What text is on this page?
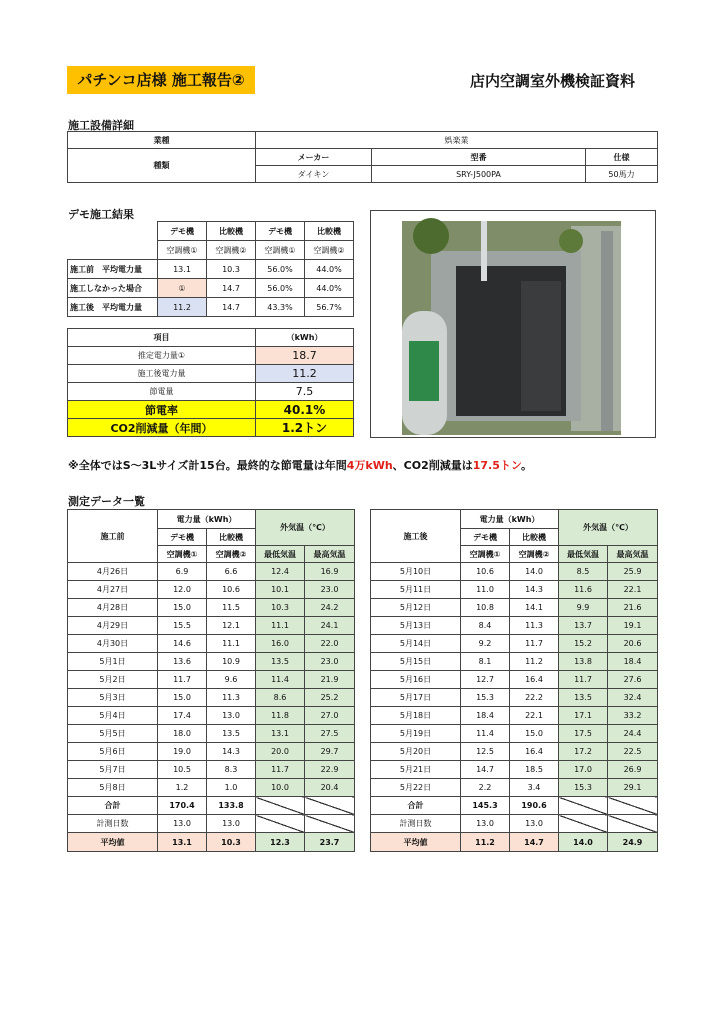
パチンコ店様 施工報告②	店内空調室外機検証資料
施工設備詳細
業種	娯楽業		
種類	メーカー	型番	仕様
	ダイキン	SRY-J500PA	50馬力
デモ施工結果
	デモ機	比較機	デモ機	比較機
	空調機①	空調機②	空調機①	空調機②
施工前　平均電力量	13.1	10.3	56.0%	44.0%
施工しなかった場合	①	14.7	56.0%	44.0%
施工後　平均電力量	11.2	14.7	43.3%	56.7%
項目	（kWh）
推定電力量①	18.7
施工後電力量	11.2
節電量	7.5
節電率	40.1%
CO2削減量（年間）	1.2トン
※全体ではS～3Lサイズ計15台。最終的な節電量は年間4万kWh、CO2削減量は17.5トン。
測定データ一覧
施工前	電力量（kWh）		外気温（℃）	
	デモ機	比較機		
	空調機①	空調機②	最低気温	最高気温
4月26日	6.9	6.6	12.4	16.9
4月27日	12.0	10.6	10.1	23.0
4月28日	15.0	11.5	10.3	24.2
4月29日	15.5	12.1	11.1	24.1
4月30日	14.6	11.1	16.0	22.0
5月1日	13.6	10.9	13.5	23.0
5月2日	11.7	9.6	11.4	21.9
5月3日	15.0	11.3	8.6	25.2
5月4日	17.4	13.0	11.8	27.0
5月5日	18.0	13.5	13.1	27.5
5月6日	19.0	14.3	20.0	29.7
5月7日	10.5	8.3	11.7	22.9
5月8日	1.2	1.0	10.0	20.4
合計	170.4	133.8		
計測日数	13.0	13.0		
平均値	13.1	10.3	12.3	23.7
施工後	電力量（kWh）		外気温（℃）	
	デモ機	比較機		
	空調機①	空調機②	最低気温	最高気温
5月10日	10.6	14.0	8.5	25.9
5月11日	11.0	14.3	11.6	22.1
5月12日	10.8	14.1	9.9	21.6
5月13日	8.4	11.3	13.7	19.1
5月14日	9.2	11.7	15.2	20.6
5月15日	8.1	11.2	13.8	18.4
5月16日	12.7	16.4	11.7	27.6
5月17日	15.3	22.2	13.5	32.4
5月18日	18.4	22.1	17.1	33.2
5月19日	11.4	15.0	17.5	24.4
5月20日	12.5	16.4	17.2	22.5
5月21日	14.7	18.5	17.0	26.9
5月22日	2.2	3.4	15.3	29.1
合計	145.3	190.6		
計測日数	13.0	13.0		
平均値	11.2	14.7	14.0	24.9
